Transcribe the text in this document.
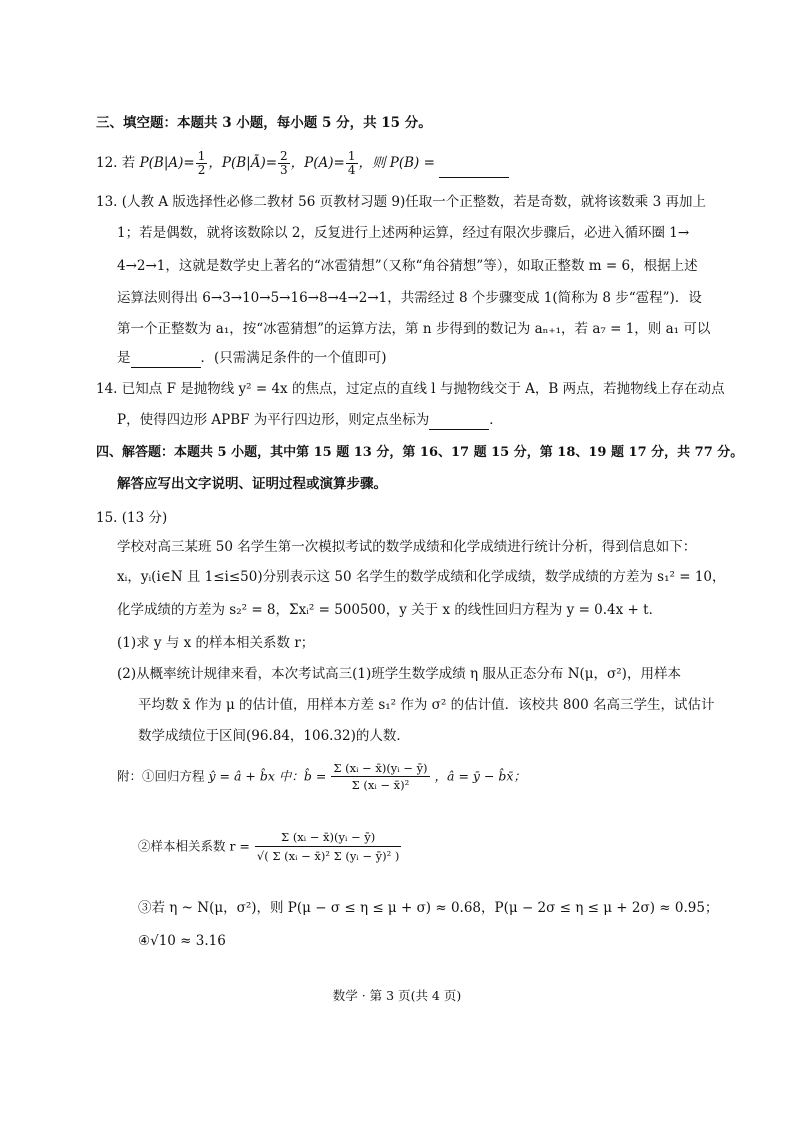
三、填空题：本题共 3 小题，每小题 5 分，共 15 分。
12. 若 $P(B|A)= \frac{1}{2}$ ，P(B|Ā)= $\frac{2}{3}$ ，$P(A)= \frac{1}{4}$ ，则 P(B) =
13. (人教 A 版选择性必修二教材 56 页教材习题 9)任取一个正整数，若是奇数，就将该数乘 3 再加上
1；若是偶数，就将该数除以 2，反复进行上述两种运算，经过有限次步骤后，必进入循环圈 1→
4→2→1，这就是数学史上著名的“冰雹猜想”（又称“角谷猜想”等），如取正整数 m = 6，根据上述
运算法则得出 6→3→10→5→16→8→4→2→1，共需经过 8 个步骤变成 1(简称为 8 步“雹程”)．设
第一个正整数为 a₁，按“冰雹猜想”的运算方法，第 n 步得到的数记为 aₙ₊₁，若 a₇ = 1，则 a₁ 可以
是	．(只需满足条件的一个值即可)
14. 已知点 F 是抛物线 y² = 4x 的焦点，过定点的直线 l 与抛物线交于 A，B 两点，若抛物线上存在动点
P，使得四边形 APBF 为平行四边形，则定点坐标为	．
四、解答题：本题共 5 小题，其中第 15 题 13 分，第 16、17 题 15 分，第 18、19 题 17 分，共 77 分。
解答应写出文字说明、证明过程或演算步骤。
15. (13 分)
学校对高三某班 50 名学生第一次模拟考试的数学成绩和化学成绩进行统计分析，得到信息如下：
xᵢ，yᵢ(i∈N 且 1≤i≤50)分别表示这 50 名学生的数学成绩和化学成绩，数学成绩的方差为 s₁² = 10，
化学成绩的方差为 s₂² = 8，Σxᵢ² = 500500，y 关于 x 的线性回归方程为 y = 0.4x + t．
(1)求 y 与 x 的样本相关系数 r；
(2)从概率统计规律来看，本次考试高三(1)班学生数学成绩 η 服从正态分布 N(μ，σ²)，用样本
平均数 x̄ 作为 μ 的估计值，用样本方差 s₁² 作为 σ² 的估计值．该校共 800 名高三学生，试估计
数学成绩位于区间(96.84，106.32)的人数．
附：①回归方程 ŷ = â + b̂x 中：b̂ = $\frac{\text{Σ (xᵢ − x̄)(yᵢ − ȳ)}}{\text{Σ (xᵢ − x̄)²}}$ ，â = ȳ − b̂x̄；
②样本相关系数 $r = \frac{\text{Σ (xᵢ − x̄)(yᵢ − ȳ)}}{\text{√( Σ (xᵢ − x̄)² Σ (yᵢ − ȳ)² )}}$
③若 η ~ N(μ，σ²)，则 P(μ − σ ≤ η ≤ μ + σ) ≈ 0.68，P(μ − 2σ ≤ η ≤ μ + 2σ) ≈ 0.95；
④√10 ≈ 3.16
数学 · 第 3 页(共 4 页)
